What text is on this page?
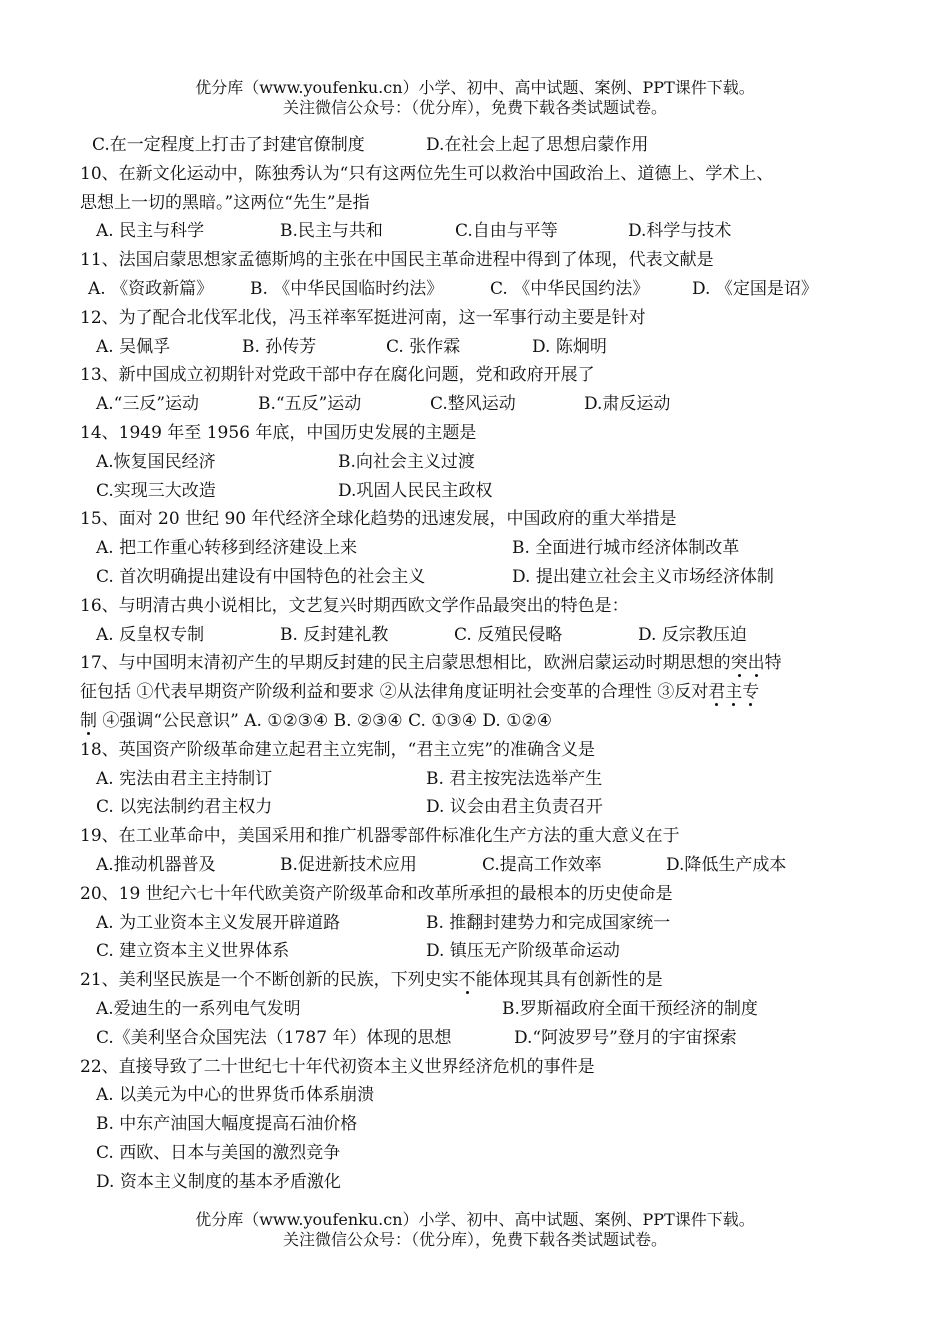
优分库（www.youfenku.cn）小学、初中、高中试题、案例、PPT课件下载。
关注微信公众号：（优分库），免费下载各类试题试卷。
C.在一定程度上打击了封建官僚制度	D.在社会上起了思想启蒙作用
10、在新文化运动中，陈独秀认为“只有这两位先生可以救治中国政治上、道德上、学术上、
思想上一切的黑暗。”这两位“先生”是指
A. 民主与科学	B.民主与共和	C.自由与平等	D.科学与技术
11、法国启蒙思想家孟德斯鸠的主张在中国民主革命进程中得到了体现，代表文献是
A. 《资政新篇》 B. 《中华民国临时约法》	C. 《中华民国约法》	D. 《定国是诏》
12、为了配合北伐军北伐，冯玉祥率军挺进河南，这一军事行动主要是针对
A. 吴佩孚	B. 孙传芳	C. 张作霖	D. 陈炯明
13、新中国成立初期针对党政干部中存在腐化问题，党和政府开展了
A.“三反”运动	B.“五反”运动	C.整风运动	D.肃反运动
14、1949 年至 1956 年底，中国历史发展的主题是
A.恢复国民经济	B.向社会主义过渡
C.实现三大改造	D.巩固人民民主政权
15、面对 20 世纪 90 年代经济全球化趋势的迅速发展，中国政府的重大举措是
A. 把工作重心转移到经济建设上来	B. 全面进行城市经济体制改革
C. 首次明确提出建设有中国特色的社会主义	D. 提出建立社会主义市场经济体制
16、与明清古典小说相比，文艺复兴时期西欧文学作品最突出的特色是：
A. 反皇权专制	B. 反封建礼教	C. 反殖民侵略	D. 反宗教压迫
17、与中国明末清初产生的早期反封建的民主启蒙思想相比，欧洲启蒙运动时期思想的突出特
征包括 ①代表早期资产阶级利益和要求 ②从法律角度证明社会变革的合理性 ③反对君主专
制 ④强调“公民意识” A. ①②③④ B. ②③④ C. ①③④ D. ①②④
18、英国资产阶级革命建立起君主立宪制，“君主立宪”的准确含义是
A. 宪法由君主主持制订	B. 君主按宪法选举产生
C. 以宪法制约君主权力	D. 议会由君主负责召开
19、在工业革命中，美国采用和推广机器零部件标准化生产方法的重大意义在于
A.推动机器普及	B.促进新技术应用	C.提高工作效率	D.降低生产成本
20、19 世纪六七十年代欧美资产阶级革命和改革所承担的最根本的历史使命是
A. 为工业资本主义发展开辟道路	B. 推翻封建势力和完成国家统一
C. 建立资本主义世界体系	D. 镇压无产阶级革命运动
21、美利坚民族是一个不断创新的民族，下列史实不能体现其具有创新性的是
A.爱迪生的一系列电气发明	B.罗斯福政府全面干预经济的制度
C.《美利坚合众国宪法（1787 年）体现的思想	D.“阿波罗号”登月的宇宙探索
22、直接导致了二十世纪七十年代初资本主义世界经济危机的事件是
A. 以美元为中心的世界货币体系崩溃
B. 中东产油国大幅度提高石油价格
C. 西欧、日本与美国的激烈竞争
D. 资本主义制度的基本矛盾激化
优分库（www.youfenku.cn）小学、初中、高中试题、案例、PPT课件下载。
关注微信公众号：（优分库），免费下载各类试题试卷。
